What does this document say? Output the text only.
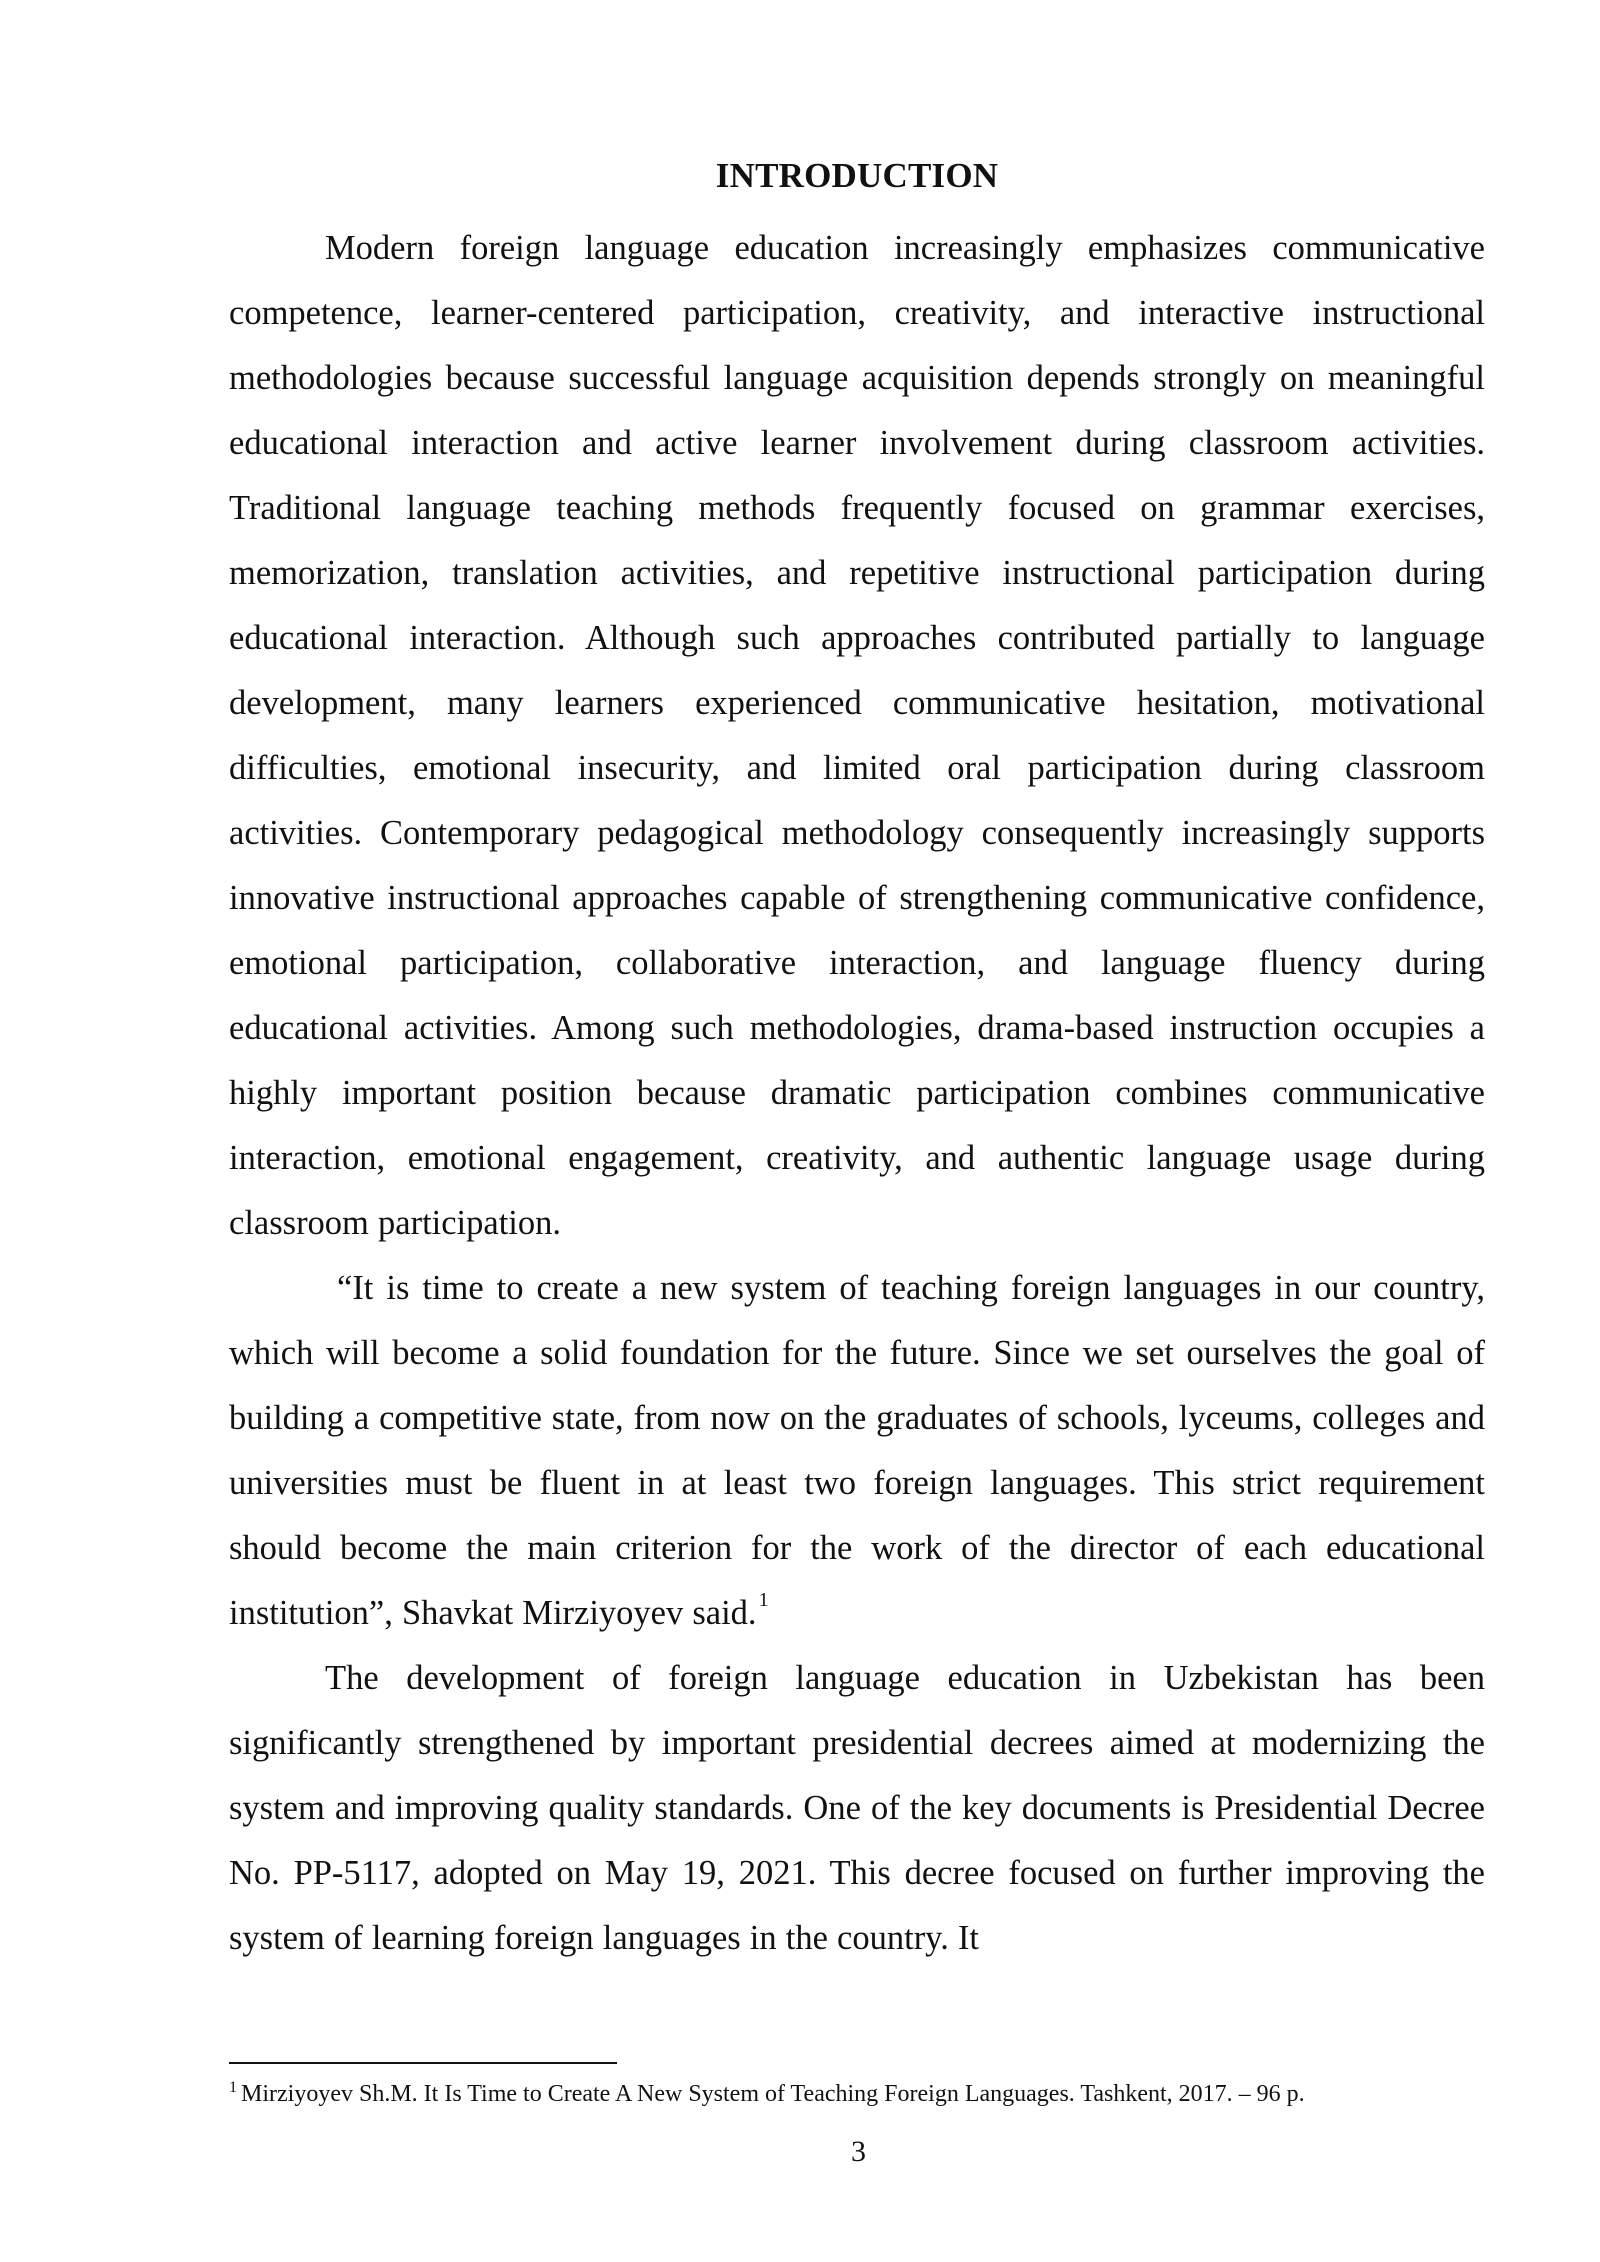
INTRODUCTION

Modern foreign language education increasingly emphasizes communicative competence, learner-centered participation, creativity, and interactive instructional methodologies because successful language acquisition depends strongly on meaningful educational interaction and active learner involvement during classroom activities. Traditional language teaching methods frequently focused on grammar exercises, memorization, translation activities, and repetitive instructional participation during educational interaction. Although such approaches contributed partially to language development, many learners experienced communicative hesitation, motivational difficulties, emotional insecurity, and limited oral participation during classroom activities. Contemporary pedagogical methodology consequently increasingly supports innovative instructional approaches capable of strengthening communicative confidence, emotional participation, collaborative interaction, and language fluency during educational activities. Among such methodologies, drama-based instruction occupies a highly important position because dramatic participation combines communicative interaction, emotional engagement, creativity, and authentic language usage during classroom participation.

“It is time to create a new system of teaching foreign languages in our country, which will become a solid foundation for the future. Since we set ourselves the goal of building a competitive state, from now on the graduates of schools, lyceums, colleges and universities must be fluent in at least two foreign languages. This strict requirement should become the main criterion for the work of the director of each educational institution”, Shavkat Mirziyoyev said. $^1$

The development of foreign language education in Uzbekistan has been significantly strengthened by important presidential decrees aimed at modernizing the system and improving quality standards. One of the key documents is Presidential Decree No. PP-5117, adopted on May 19, 2021. This decree focused on further improving the system of learning foreign languages in the country. It

$^1$ Mirziyoyev Sh.M. It Is Time to Create A New System of Teaching Foreign Languages. Tashkent, 2017. – 96 p.

3
